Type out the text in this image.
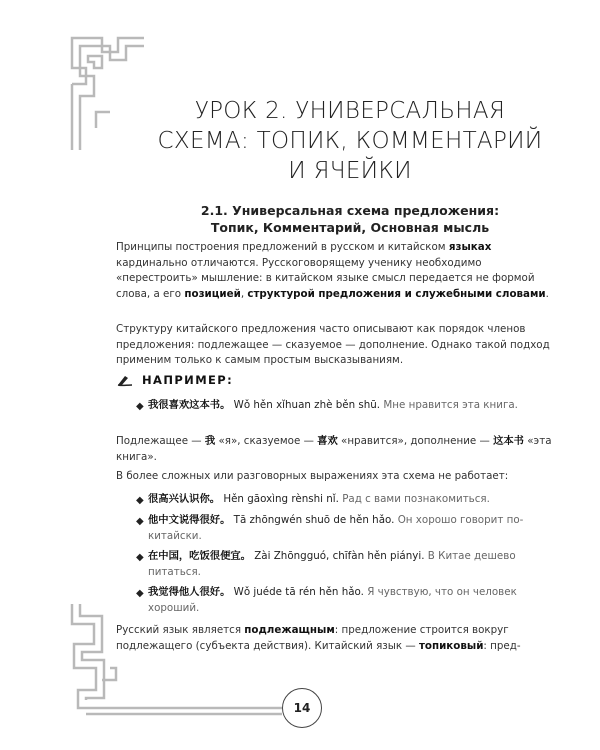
УРОК 2. УНИВЕРСАЛЬНАЯ
СХЕМА: ТОПИК, КОММЕНТАРИЙ
И ЯЧЕЙКИ
2.1. Универсальная схема предложения:
Топик, Комментарий, Основная мысль
Принципы построения предложений в русском и китайском языках кардинально отличаются. Русскоговорящему ученику необходимо «перестроить» мышление: в китайском языке смысл передается не формой слова, а его позицией, структурой предложения и служебными словами.
Структуру китайского предложения часто описывают как порядок членов предложения: подлежащее — сказуемое — дополнение. Однако такой подход применим только к самым простым высказываниям.
НАПРИМЕР:
◆ 我很喜欢这本书。 Wǒ hěn xǐhuan zhè běn shū. Мне нравится эта книга.
Подлежащее — 我 «я», сказуемое — 喜欢 «нравится», дополнение — 这本书 «эта книга».
В более сложных или разговорных выражениях эта схема не работает:
◆ 很高兴认识你。 Hěn gāoxìng rènshi nǐ. Рад с вами познакомиться.
◆ 他中文说得很好。 Tā zhōngwén shuō de hěn hǎo. Он хорошо говорит по-китайски.
◆ 在中国，吃饭很便宜。 Zài Zhōngguó, chīfàn hěn piányi. В Китае дешево питаться.
◆ 我觉得他人很好。 Wǒ juéde tā rén hěn hǎo. Я чувствую, что он человек хороший.
Русский язык является подлежащным: предложение строится вокруг подлежащего (субъекта действия). Китайский язык — топиковый: пред-
14
